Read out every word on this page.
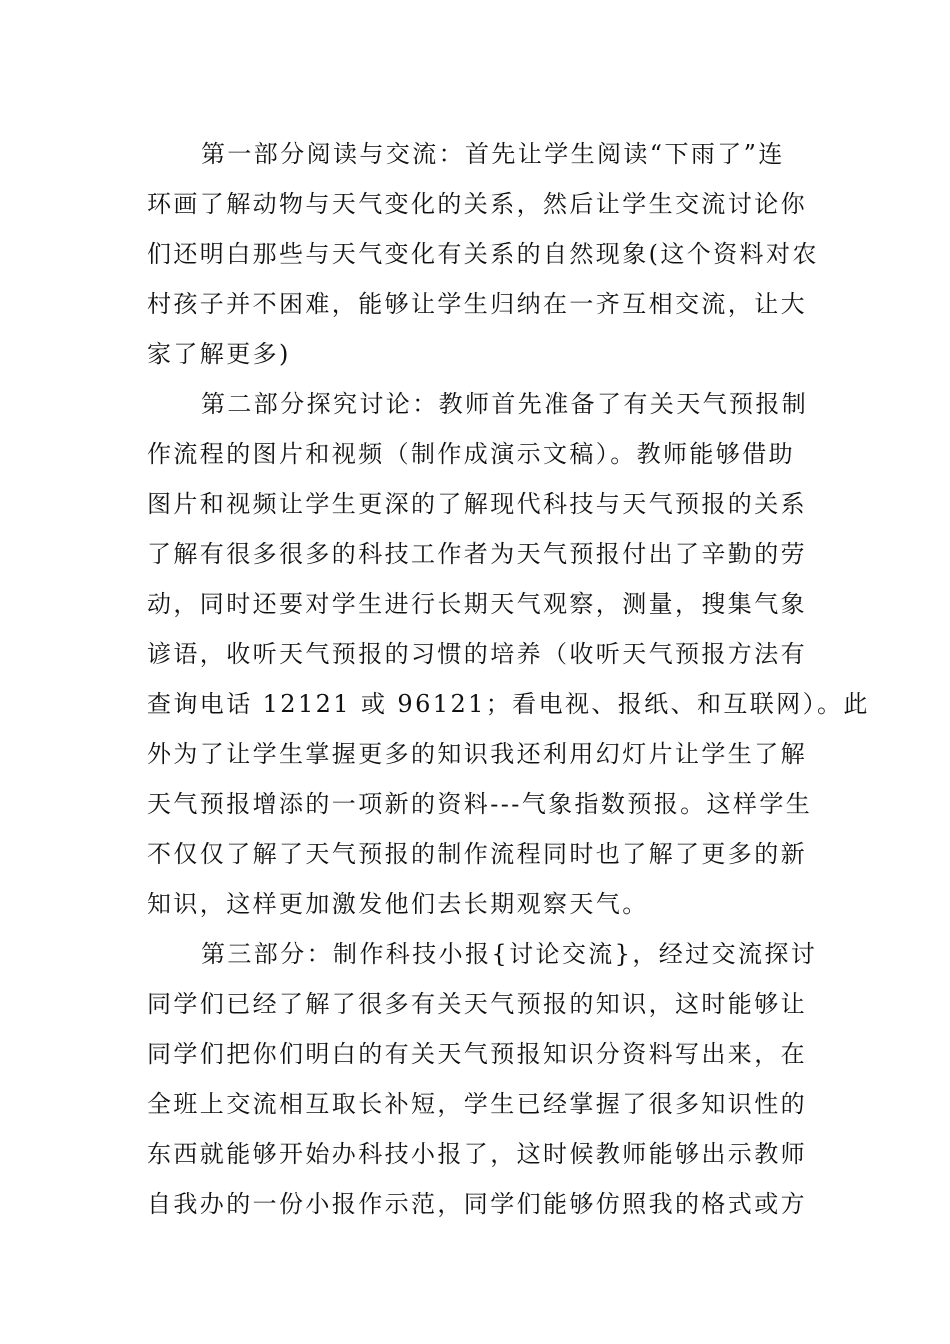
第一部分阅读与交流：首先让学生阅读“下雨了”连
环画了解动物与天气变化的关系，然后让学生交流讨论你
们还明白那些与天气变化有关系的自然现象(这个资料对农
村孩子并不困难，能够让学生归纳在一齐互相交流，让大
家了解更多)
第二部分探究讨论：教师首先准备了有关天气预报制
作流程的图片和视频（制作成演示文稿）。教师能够借助
图片和视频让学生更深的了解现代科技与天气预报的关系
了解有很多很多的科技工作者为天气预报付出了辛勤的劳
动，同时还要对学生进行长期天气观察，测量，搜集气象
谚语，收听天气预报的习惯的培养（收听天气预报方法有
查询电话 12121 或 96121；看电视、报纸、和互联网）。此
外为了让学生掌握更多的知识我还利用幻灯片让学生了解
天气预报增添的一项新的资料---气象指数预报。这样学生
不仅仅了解了天气预报的制作流程同时也了解了更多的新
知识，这样更加激发他们去长期观察天气。
第三部分：制作科技小报{讨论交流}，经过交流探讨
同学们已经了解了很多有关天气预报的知识，这时能够让
同学们把你们明白的有关天气预报知识分资料写出来，在
全班上交流相互取长补短，学生已经掌握了很多知识性的
东西就能够开始办科技小报了，这时候教师能够出示教师
自我办的一份小报作示范，同学们能够仿照我的格式或方
